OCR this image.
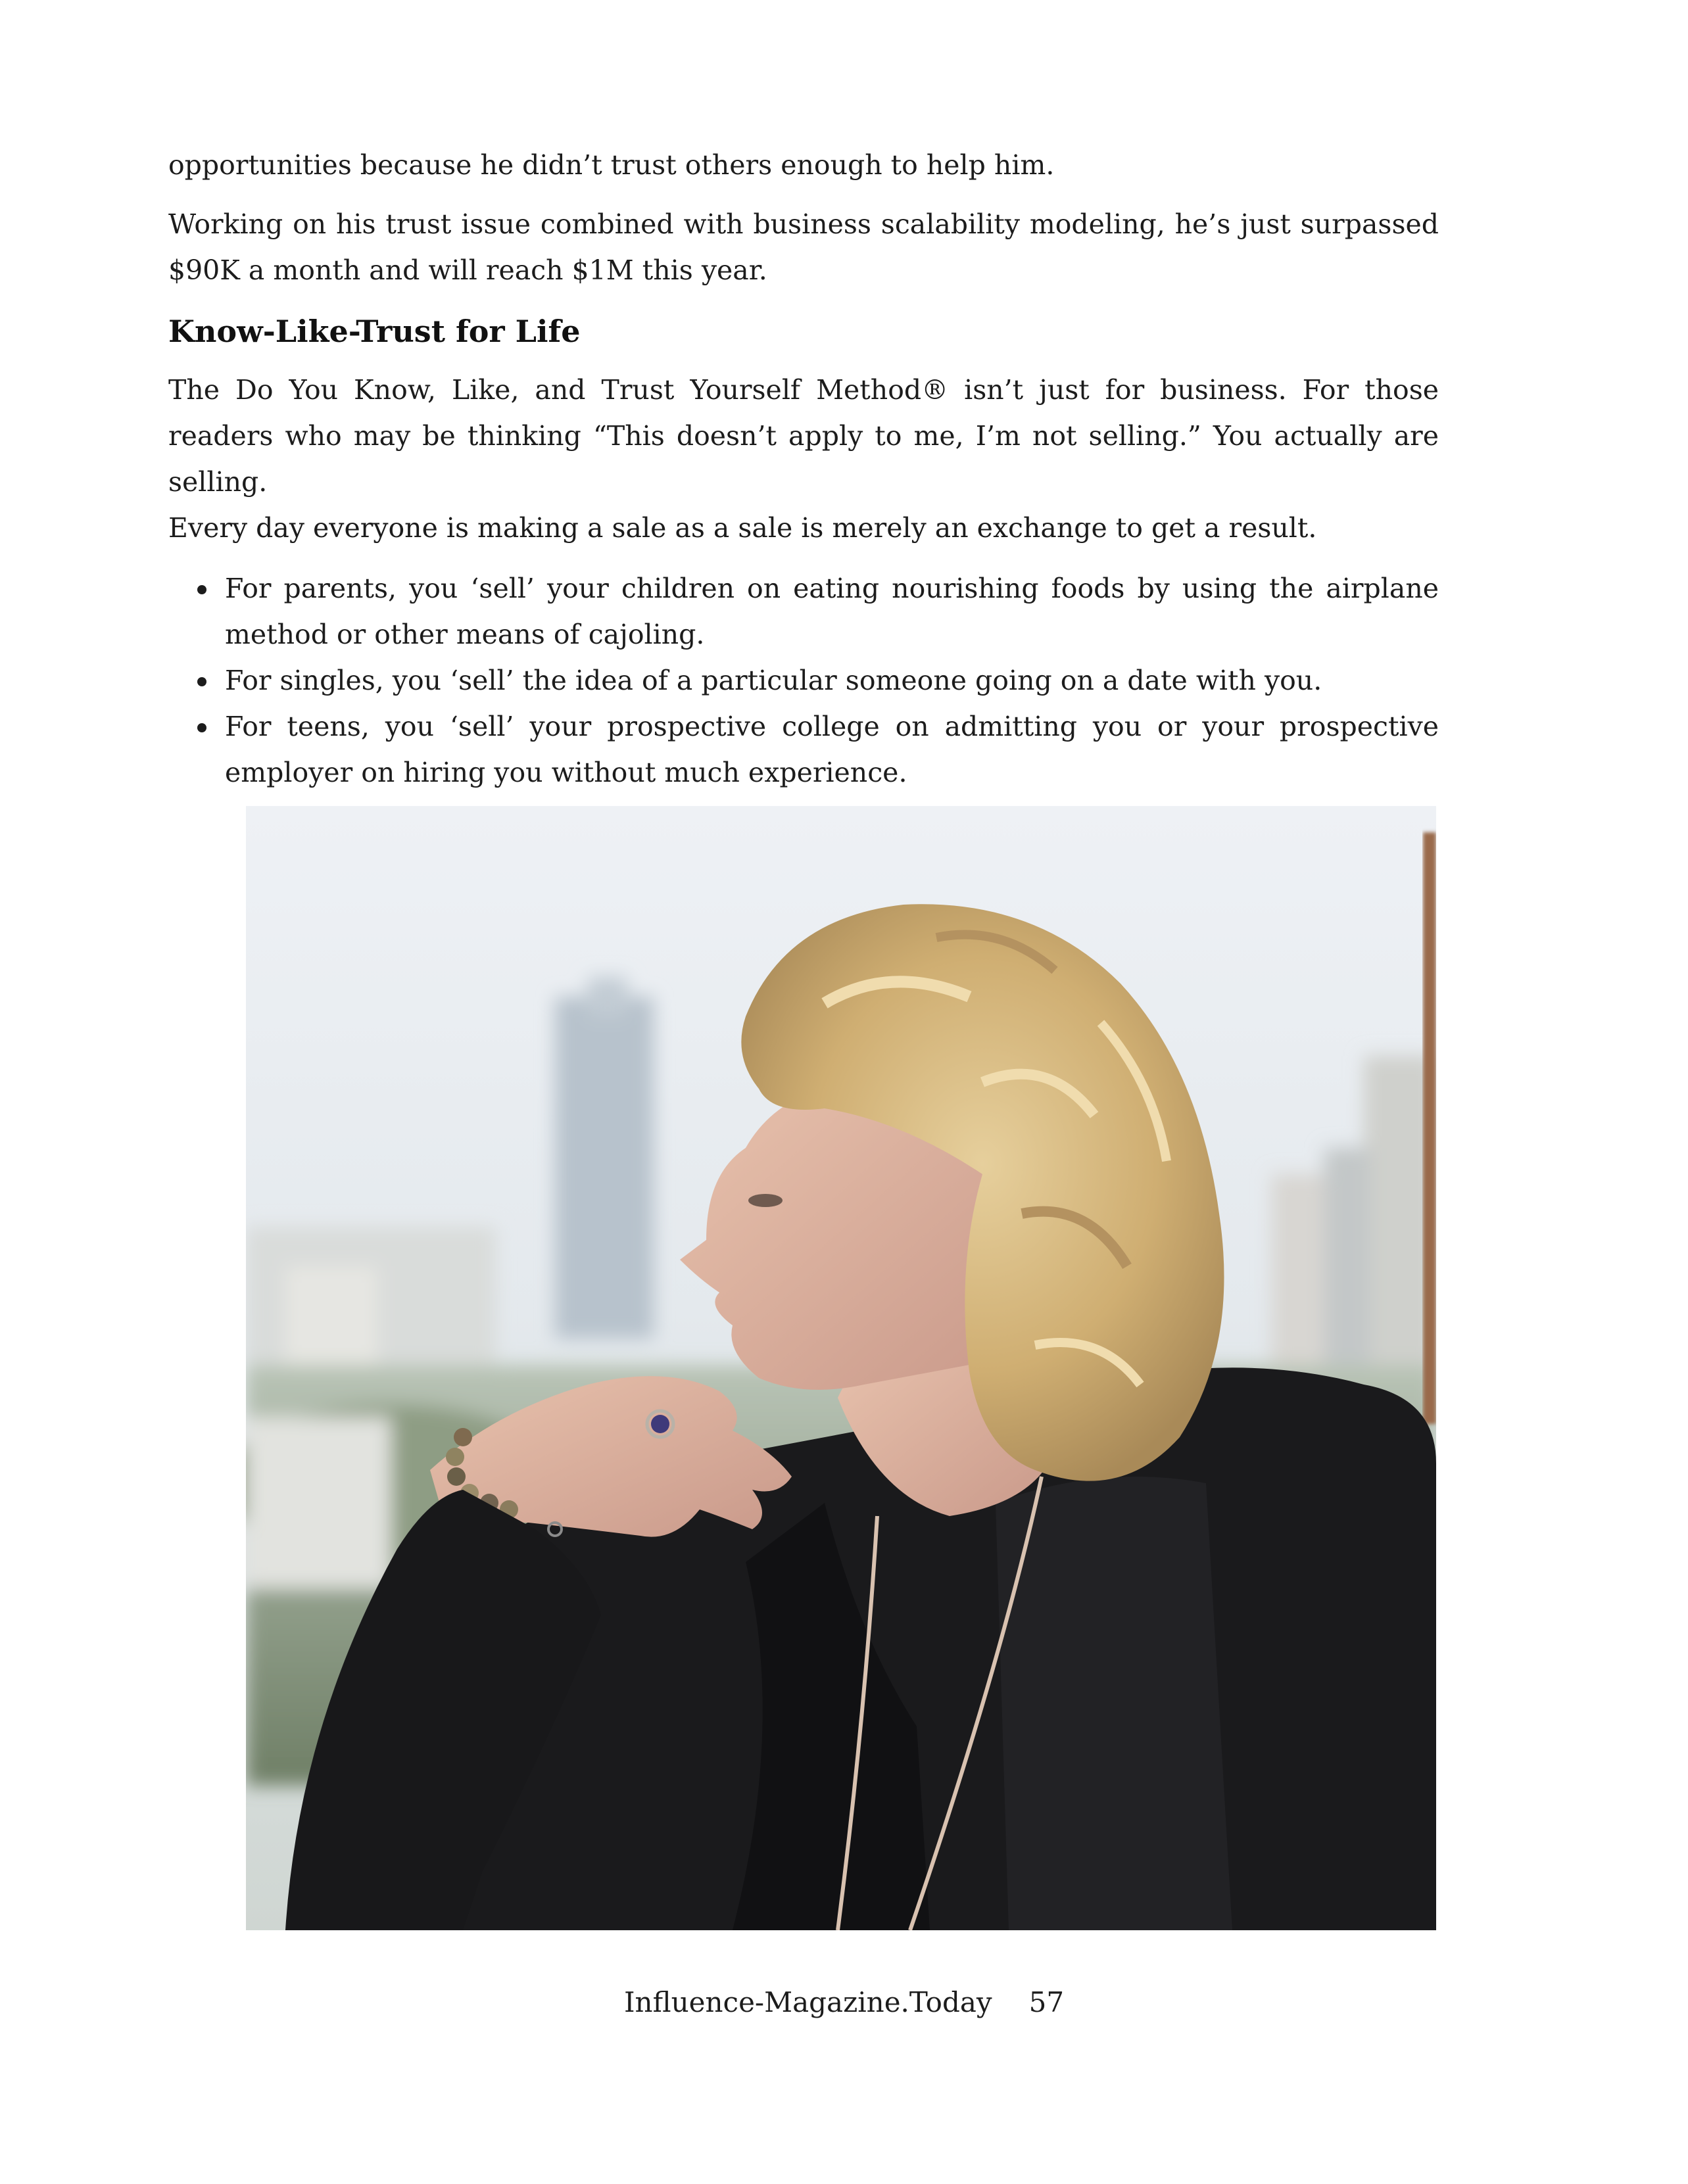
opportunities because he didn’t trust others enough to help him.

Working on his trust issue combined with business scalability modeling, he’s just surpassed $90K a month and will reach $1M this year.

Know-Like-Trust for Life

The Do You Know, Like, and Trust Yourself Method® isn’t just for business. For those readers who may be thinking “This doesn’t apply to me, I’m not selling.” You actually are selling.

Every day everyone is making a sale as a sale is merely an exchange to get a result.

For parents, you ‘sell’ your children on eating nourishing foods by using the airplane method or other means of cajoling.
For singles, you ‘sell’ the idea of a particular someone going on a date with you.
For teens, you ‘sell’ your prospective college on admitting you or your prospective employer on hiring you without much experience.
Influence-Magazine.Today 57
